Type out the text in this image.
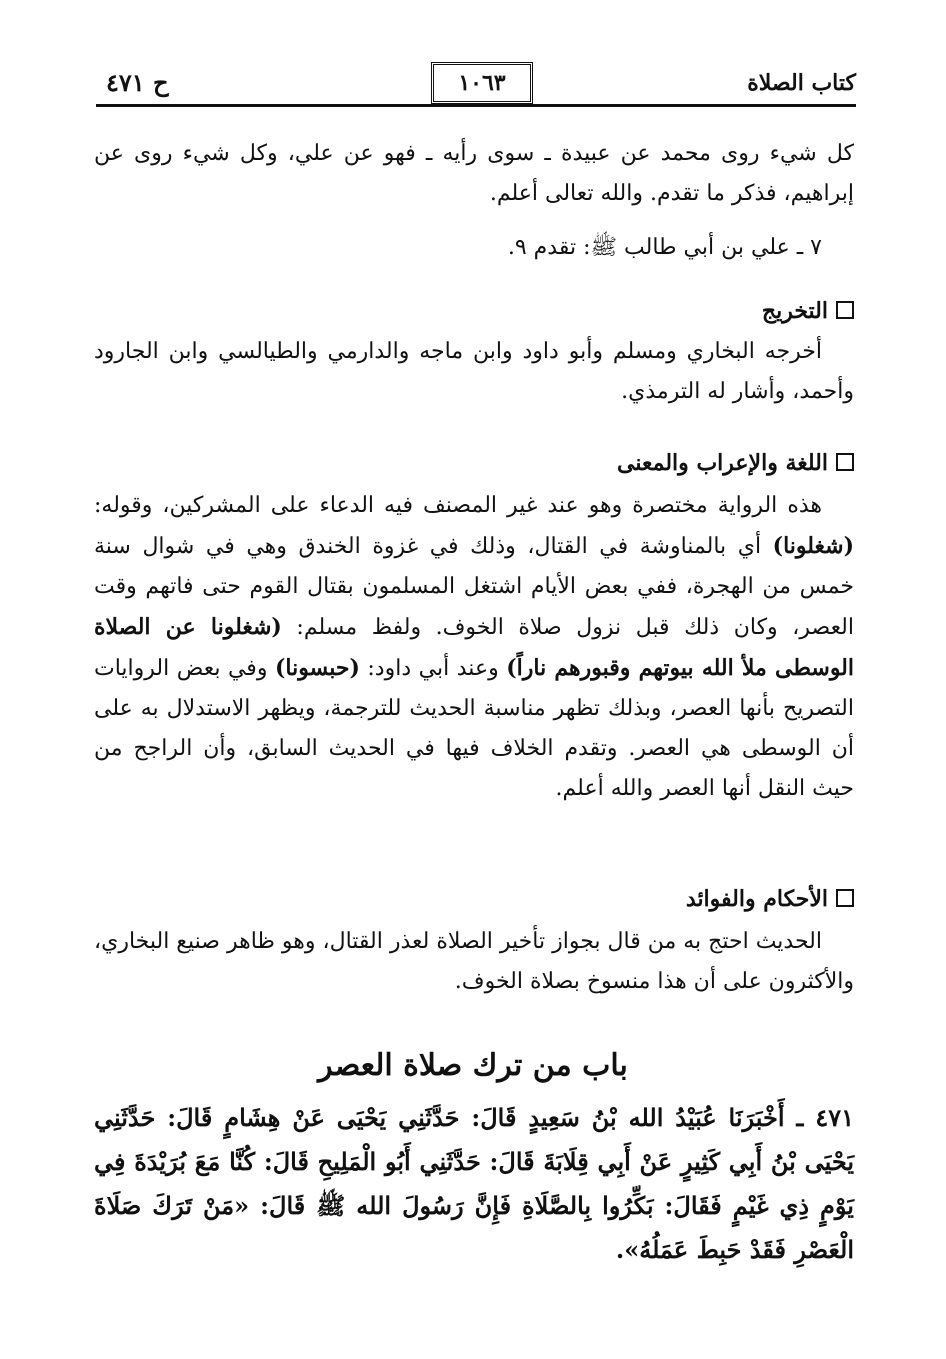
كتاب الصلاة
١٠٦٣
ح ٤٧١
كل شيء روى محمد عن عبيدة ـ سوى رأيه ـ فهو عن علي، وكل شيء روى عن إبراهيم، فذكر ما تقدم. والله تعالى أعلم.
٧ ـ علي بن أبي طالب ﷺ: تقدم ٩.
التخريج
أخرجه البخاري ومسلم وأبو داود وابن ماجه والدارمي والطيالسي وابن الجارود وأحمد، وأشار له الترمذي.
اللغة والإعراب والمعنى
هذه الرواية مختصرة وهو عند غير المصنف فيه الدعاء على المشركين، وقوله: (شغلونا) أي بالمناوشة في القتال، وذلك في غزوة الخندق وهي في شوال سنة خمس من الهجرة، ففي بعض الأيام اشتغل المسلمون بقتال القوم حتى فاتهم وقت العصر، وكان ذلك قبل نزول صلاة الخوف. ولفظ مسلم: (شغلونا عن الصلاة الوسطى ملأ الله بيوتهم وقبورهم ناراً) وعند أبي داود: (حبسونا) وفي بعض الروايات التصريح بأنها العصر، وبذلك تظهر مناسبة الحديث للترجمة، ويظهر الاستدلال به على أن الوسطى هي العصر. وتقدم الخلاف فيها في الحديث السابق، وأن الراجح من حيث النقل أنها العصر والله أعلم.
الأحكام والفوائد
الحديث احتج به من قال بجواز تأخير الصلاة لعذر القتال، وهو ظاهر صنيع البخاري، والأكثرون على أن هذا منسوخ بصلاة الخوف.
باب من ترك صلاة العصر
٤٧١ ـ أَخْبَرَنَا عُبَيْدُ الله بْنُ سَعِيدٍ قَالَ: حَدَّثَنِي يَحْيَى عَنْ هِشَامٍ قَالَ: حَدَّثَنِي يَحْيَى بْنُ أَبِي كَثِيرٍ عَنْ أَبِي قِلَابَةَ قَالَ: حَدَّثَنِي أَبُو الْمَلِيحِ قَالَ: كُنَّا مَعَ بُرَيْدَةَ فِي يَوْمٍ ذِي غَيْمٍ فَقَالَ: بَكِّرُوا بِالصَّلَاةِ فَإِنَّ رَسُولَ الله ﷺ قَالَ: «مَنْ تَرَكَ صَلَاةَ الْعَصْرِ فَقَدْ حَبِطَ عَمَلُهُ».
